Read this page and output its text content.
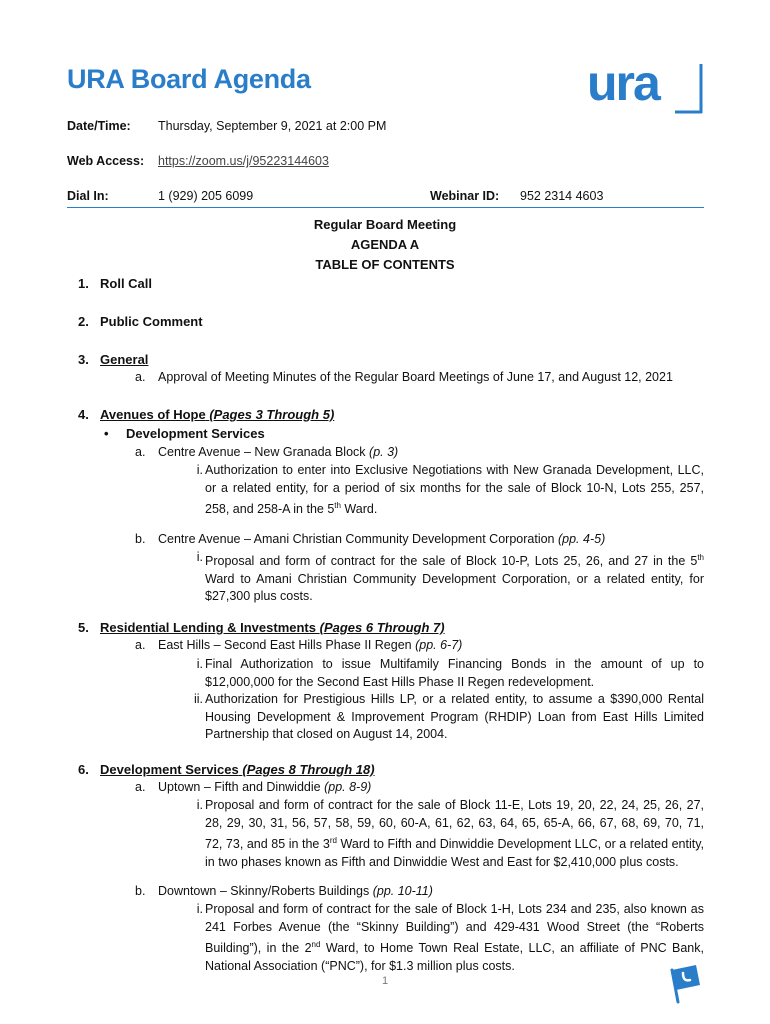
URA Board Agenda	ura
Date/Time: Thursday, September 9, 2021 at 2:00 PM
Web Access: https://zoom.us/j/95223144603
Dial In:	1 (929) 205 6099	Webinar ID: 952 2314 4603
Regular Board Meeting
AGENDA A
TABLE OF CONTENTS
1. Roll Call
2. Public Comment
3. General
a. Approval of Meeting Minutes of the Regular Board Meetings of June 17, and August 12, 2021
4. Avenues of Hope (Pages 3 Through 5)
• Development Services
a. Centre Avenue – New Granada Block (p. 3)
i. Authorization to enter into Exclusive Negotiations with New Granada Development, LLC, or a related entity, for a period of six months for the sale of Block 10-N, Lots 255, 257, 258, and 258-A in the 5th Ward.
b. Centre Avenue – Amani Christian Community Development Corporation (pp. 4-5)
i. Proposal and form of contract for the sale of Block 10-P, Lots 25, 26, and 27 in the 5th Ward to Amani Christian Community Development Corporation, or a related entity, for $27,300 plus costs.
5. Residential Lending & Investments (Pages 6 Through 7)
a. East Hills – Second East Hills Phase II Regen (pp. 6-7)
i. Final Authorization to issue Multifamily Financing Bonds in the amount of up to $12,000,000 for the Second East Hills Phase II Regen redevelopment.
ii. Authorization for Prestigious Hills LP, or a related entity, to assume a $390,000 Rental Housing Development & Improvement Program (RHDIP) Loan from East Hills Limited Partnership that closed on August 14, 2004.
6. Development Services (Pages 8 Through 18)
a. Uptown – Fifth and Dinwiddie (pp. 8-9)
i. Proposal and form of contract for the sale of Block 11-E, Lots 19, 20, 22, 24, 25, 26, 27, 28, 29, 30, 31, 56, 57, 58, 59, 60, 60-A, 61, 62, 63, 64, 65, 65-A, 66, 67, 68, 69, 70, 71, 72, 73, and 85 in the 3rd Ward to Fifth and Dinwiddie Development LLC, or a related entity, in two phases known as Fifth and Dinwiddie West and East for $2,410,000 plus costs.
b. Downtown – Skinny/Roberts Buildings (pp. 10-11)
i. Proposal and form of contract for the sale of Block 1-H, Lots 234 and 235, also known as 241 Forbes Avenue (the “Skinny Building”) and 429-431 Wood Street (the “Roberts Building”), in the 2nd Ward, to Home Town Real Estate, LLC, an affiliate of PNC Bank, National Association (“PNC”), for $1.3 million plus costs.
1
